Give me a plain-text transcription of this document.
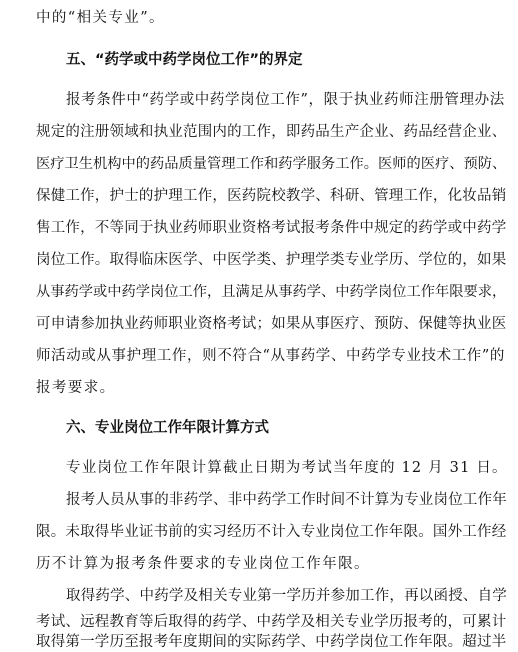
中的“相关专业”。
五、“药学或中药学岗位工作”的界定
报考条件中“药学或中药学岗位工作”，限于执业药师注册管理办法
规定的注册领域和执业范围内的工作，即药品生产企业、药品经营企业、
医疗卫生机构中的药品质量管理工作和药学服务工作。医师的医疗、预防、
保健工作，护士的护理工作，医药院校教学、科研、管理工作，化妆品销
售工作，不等同于执业药师职业资格考试报考条件中规定的药学或中药学
岗位工作。取得临床医学、中医学类、护理学类专业学历、学位的，如果
从事药学或中药学岗位工作，且满足从事药学、中药学岗位工作年限要求，
可申请参加执业药师职业资格考试；如果从事医疗、预防、保健等执业医
师活动或从事护理工作，则不符合“从事药学、中药学专业技术工作”的
报考要求。
六、专业岗位工作年限计算方式
专业岗位工作年限计算截止日期为考试当年度的 12 月 31 日。
报考人员从事的非药学、非中药学工作时间不计算为专业岗位工作年
限。未取得毕业证书前的实习经历不计入专业岗位工作年限。国外工作经
历不计算为报考条件要求的专业岗位工作年限。
取得药学、中药学及相关专业第一学历并参加工作，再以函授、自学
考试、远程教育等后取得的药学、中药学及相关专业学历报考的，可累计
取得第一学历至报考年度期间的实际药学、中药学岗位工作年限。超过半
